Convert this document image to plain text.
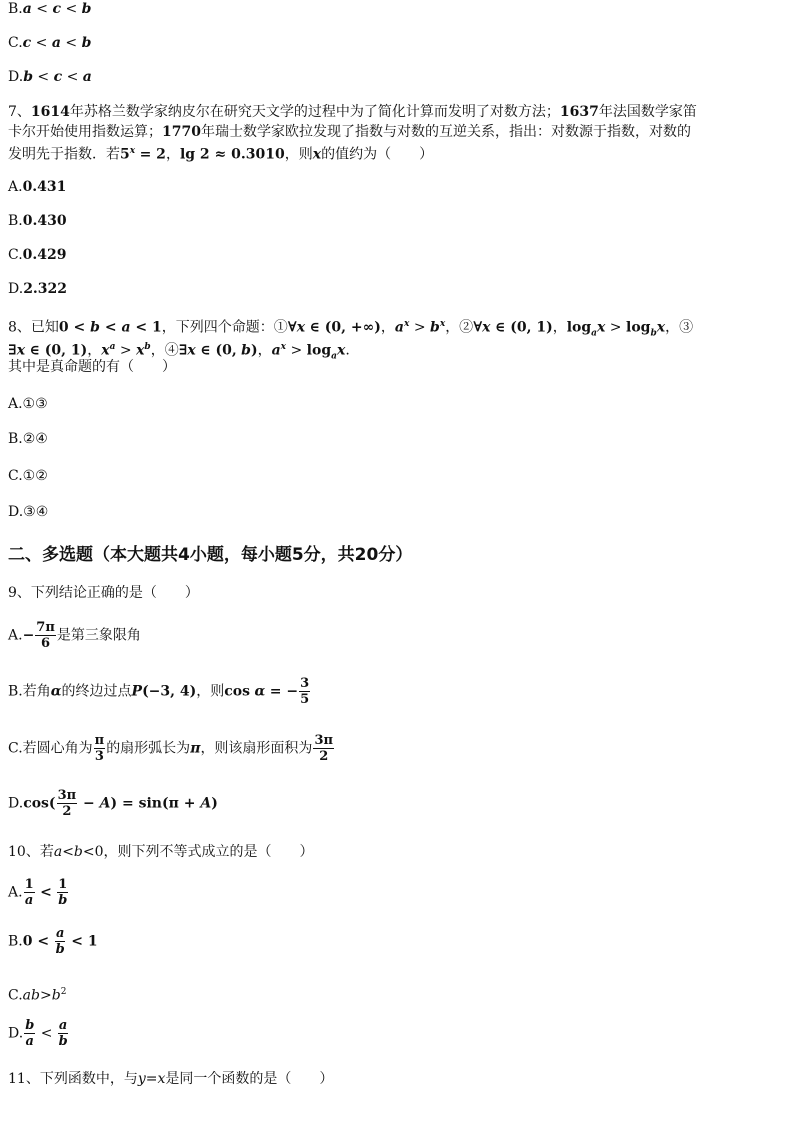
B.a < c < b
C.c < a < b
D.b < c < a
7、1614年苏格兰数学家纳皮尔在研究天文学的过程中为了简化计算而发明了对数方法；1637年法国数学家笛
卡尔开始使用指数运算；1770年瑞士数学家欧拉发现了指数与对数的互逆关系，指出：对数源于指数，对数的
发明先于指数．若$5^x = 2$，lg 2 ≈ 0.3010，则x的值约为（　　）
A.0.431
B.0.430
C.0.429
D.2.322
8、已知0 < b < a < 1，下列四个命题：①∀x ∈ (0, +∞)，$a^x > b^x$，②∀x ∈ (0, 1)，$\log_ax > \log_bx$，③
∃x ∈ (0, 1)，$x^a > x^b$，④∃x ∈ (0, b)，$a^x > \log_ax$.
其中是真命题的有（　　）
A.①③
B.②④
C.①②
D.③④
二、多选题（本大题共4小题，每小题5分，共20分）
9、下列结论正确的是（　　）
$A.- \frac{7\pi}{6}$ 是第三象限角
B.若角α的终边过点P(−3, 4)，则cos α = − $\frac{3}{5}$
C.若圆心角为 $\frac{\pi}{3}$ 的扇形弧长为π，则该扇形面积为 $\frac{3\pi}{2}$
$D.\cos( \frac{3\pi}{2} - A) = \sin(\pi + A)$
10、若a<b<0，则下列不等式成立的是（　　）
A. $\frac{1}{a} < \frac{1}{b}$
$B.0 < \frac{a}{b} < 1$
$C.ab>b^2$
D. $\frac{b}{a} < \frac{a}{b}$
11、下列函数中，与y=x是同一个函数的是（　　）
